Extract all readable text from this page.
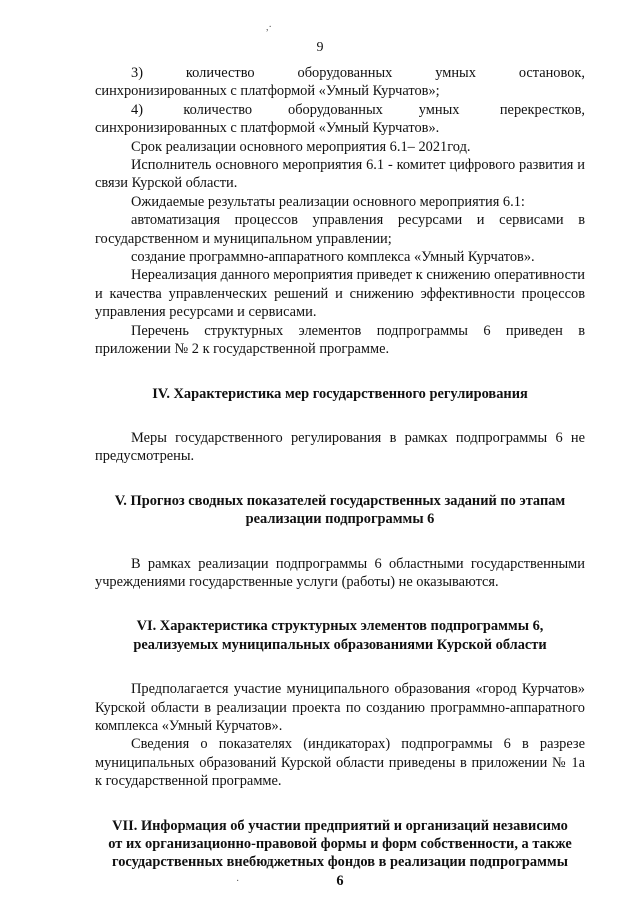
9
,·
·

3)         количество         оборудованных         умных         остановок, синхронизированных с платформой «Умный Курчатов»;

4)         количество        оборудованных        умных         перекрестков, синхронизированных с платформой «Умный Курчатов».

Срок реализации основного мероприятия 6.1– 2021год.

Исполнитель основного мероприятия 6.1 - комитет цифрового развития и связи Курской области.

Ожидаемые результаты реализации основного мероприятия 6.1:

автоматизация процессов управления ресурсами и сервисами в государственном и муниципальном управлении;

создание программно-аппаратного комплекса «Умный Курчатов».

Нереализация данного мероприятия приведет к снижению оперативности и качества управленческих решений и снижению эффективности процессов управления ресурсами и сервисами.

Перечень структурных элементов подпрограммы 6 приведен в приложении № 2 к государственной программе.

IV. Характеристика мер государственного регулирования

Меры государственного регулирования в рамках подпрограммы 6 не предусмотрены.

V. Прогноз сводных показателей государственных заданий по этапам реализации подпрограммы 6

В рамках реализации подпрограммы 6 областными государственными учреждениями государственные услуги (работы) не оказываются.

VI. Характеристика структурных элементов подпрограммы 6, реализуемых муниципальных образованиями Курской области

Предполагается участие муниципального образования «город Курчатов» Курской области в реализации проекта по созданию программно-аппаратного комплекса «Умный Курчатов».

Сведения о показателях (индикаторах) подпрограммы 6 в разрезе муниципальных образований Курской области приведены в приложении № 1а к государственной программе.

VII. Информация об участии предприятий и организаций независимо от их организационно-правовой формы и форм собственности, а также государственных внебюджетных фондов в реализации подпрограммы 6
